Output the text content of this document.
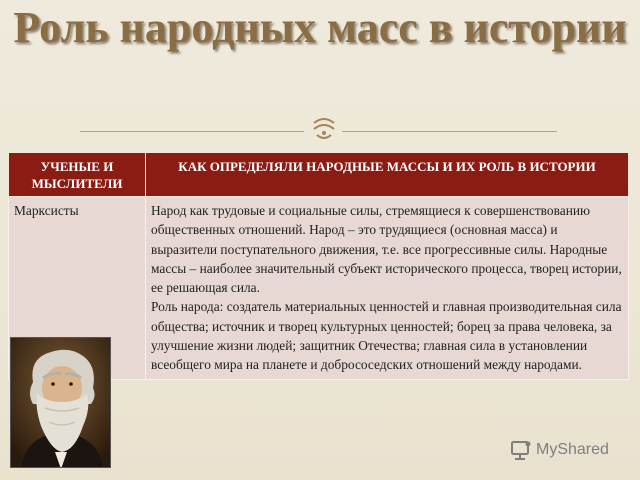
Роль народных масс в истории
УЧЕНЫЕ И МЫСЛИТЕЛИ	КАК ОПРЕДЕЛЯЛИ НАРОДНЫЕ МАССЫ И ИХ РОЛЬ В ИСТОРИИ
Марксисты	Народ как трудовые и социальные силы, стремящиеся к совершенствованию общественных отношений. Народ – это трудящиеся (основная масса) и выразители поступательного движения, т.е. все прогрессивные силы. Народные массы – наиболее значительный субъект исторического процесса, творец истории, ее решающая сила.
Роль народа: создатель материальных ценностей и главная производительная сила общества; источник и творец культурных ценностей; борец за права человека, за улучшение жизни людей; защитник Отечества; главная сила в установлении всеобщего мира на планете и добрососедских отношений между народами.
MyShared
